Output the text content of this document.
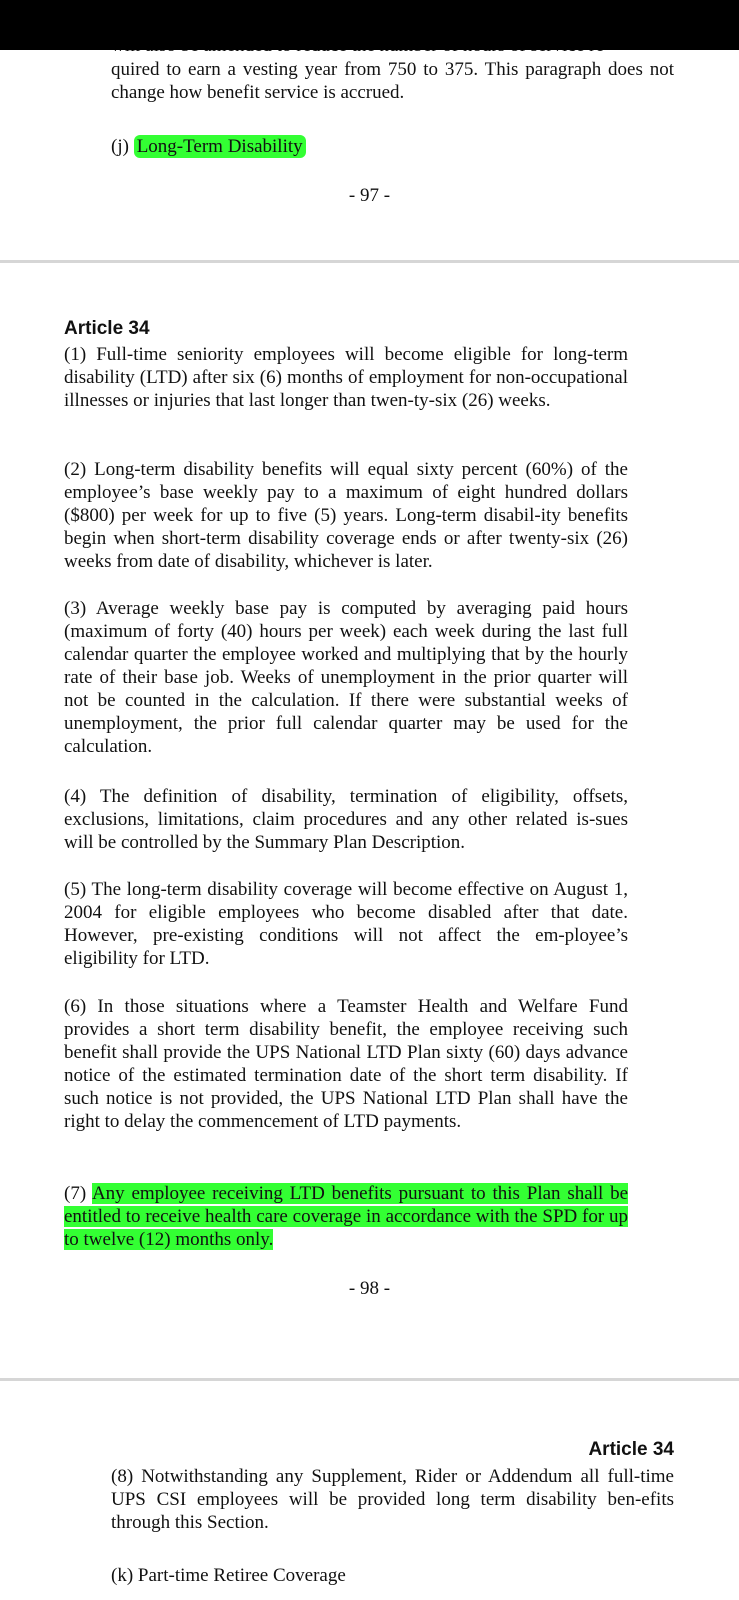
quired to earn a vesting year from 750 to 375. This paragraph does not change how benefit service is accrued.

(j) Long-Term Disability
- 97 -
Article 34

(1) Full-time seniority employees will become eligible for long-term disability (LTD) after six (6) months of employment for non-occupational illnesses or injuries that last longer than twen-ty-six (26) weeks.

(2) Long-term disability benefits will equal sixty percent (60%) of the employee’s base weekly pay to a maximum of eight hundred dollars ($800) per week for up to five (5) years. Long-term disabil-ity benefits begin when short-term disability coverage ends or after twenty-six (26) weeks from date of disability, whichever is later.

(3) Average weekly base pay is computed by averaging paid hours (maximum of forty (40) hours per week) each week during the last full calendar quarter the employee worked and multiplying that by the hourly rate of their base job. Weeks of unemployment in the prior quarter will not be counted in the calculation. If there were substantial weeks of unemployment, the prior full calendar quarter may be used for the calculation.

(4) The definition of disability, termination of eligibility, offsets, exclusions, limitations, claim procedures and any other related is-sues will be controlled by the Summary Plan Description.

(5) The long-term disability coverage will become effective on August 1, 2004 for eligible employees who become disabled after that date. However, pre-existing conditions will not affect the em-ployee’s eligibility for LTD.

(6) In those situations where a Teamster Health and Welfare Fund provides a short term disability benefit, the employee receiving such benefit shall provide the UPS National LTD Plan sixty (60) days advance notice of the estimated termination date of the short term disability. If such notice is not provided, the UPS National LTD Plan shall have the right to delay the commencement of LTD payments.

(7) Any employee receiving LTD benefits pursuant to this Plan shall be entitled to receive health care coverage in accordance with the SPD for up to twelve (12) months only.

- 98 -
Article 34

(8) Notwithstanding any Supplement, Rider or Addendum all full-time UPS CSI employees will be provided long term disability ben-efits through this Section.

(k) Part-time Retiree Coverage
